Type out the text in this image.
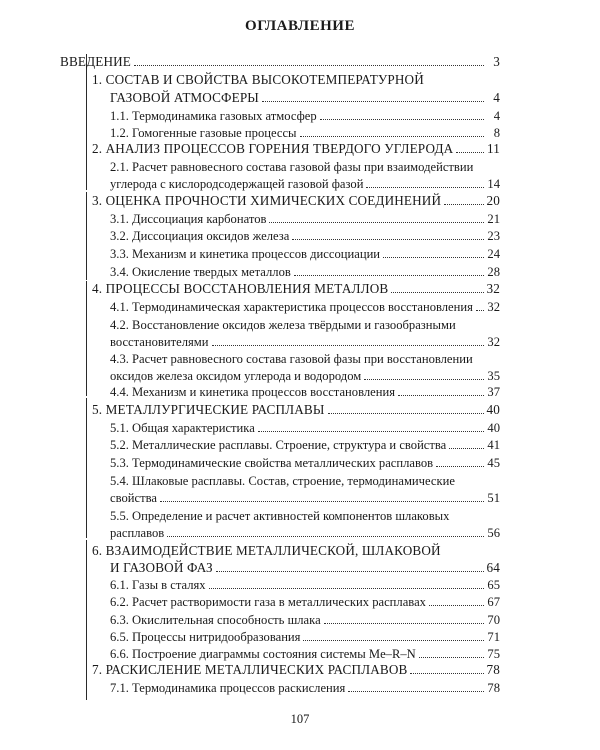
ОГЛАВЛЕНИЕ
ВВЕДЕНИЕ	3
1. СОСТАВ И СВОЙСТВА ВЫСОКОТЕМПЕРАТУРНОЙ
ГАЗОВОЙ АТМОСФЕРЫ	4
1.1. Термодинамика газовых атмосфер	4
1.2. Гомогенные газовые процессы	8
2. АНАЛИЗ ПРОЦЕССОВ ГОРЕНИЯ ТВЕРДОГО УГЛЕРОДА	11
2.1. Расчет равновесного состава газовой фазы при взаимодействии
углерода с кислородсодержащей газовой фазой	14
3. ОЦЕНКА ПРОЧНОСТИ ХИМИЧЕСКИХ СОЕДИНЕНИЙ	20
3.1. Диссоциация карбонатов	21
3.2. Диссоциация оксидов железа	23
3.3. Механизм и кинетика процессов диссоциации	24
3.4. Окисление твердых металлов	28
4. ПРОЦЕССЫ ВОССТАНОВЛЕНИЯ МЕТАЛЛОВ	32
4.1. Термодинамическая характеристика процессов восстановления 32
4.2. Восстановление оксидов железа твёрдыми и газообразными
восстановителями	32
4.3. Расчет равновесного состава газовой фазы при восстановлении
оксидов железа оксидом углерода и водородом	35
4.4. Механизм и кинетика процессов восстановления	37
5. МЕТАЛЛУРГИЧЕСКИЕ РАСПЛАВЫ	40
5.1. Общая характеристика	40
5.2. Металлические расплавы. Строение, структура и свойства	41
5.3. Термодинамические свойства металлических расплавов	45
5.4. Шлаковые расплавы. Состав, строение, термодинамические
свойства	51
5.5. Определение и расчет активностей компонентов шлаковых
расплавов	56
6. ВЗАИМОДЕЙСТВИЕ МЕТАЛЛИЧЕСКОЙ, ШЛАКОВОЙ
И ГАЗОВОЙ ФАЗ	64
6.1. Газы в сталях	65
6.2. Расчет растворимости газа в металлических расплавах	67
6.3. Окислительная способность шлака	70
6.5. Процессы нитридообразования	71
6.6. Построение диаграммы состояния системы Me–R–N	75
7. РАСКИСЛЕНИЕ МЕТАЛЛИЧЕСКИХ РАСПЛАВОВ	78
7.1. Термодинамика процессов раскисления	78
107
